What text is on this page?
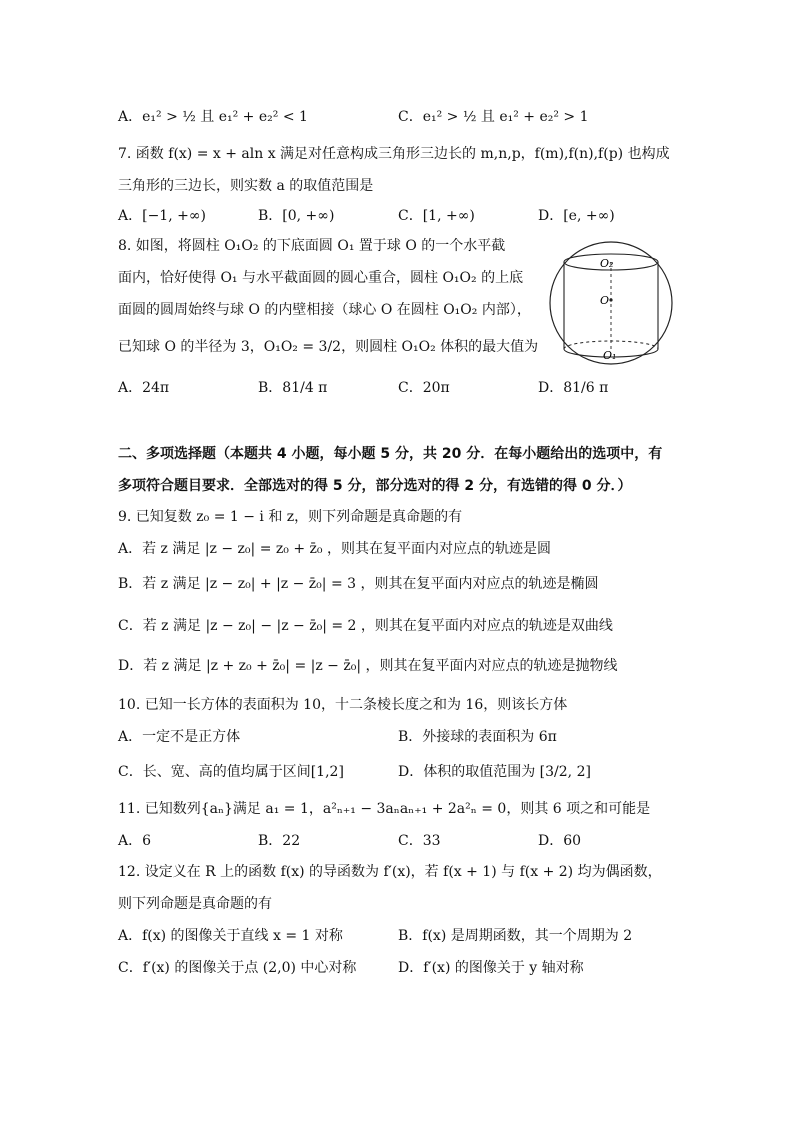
A．e₁² > ½ 且 e₁² + e₂² < 1	C．e₁² > ½ 且 e₁² + e₂² > 1
7. 函数 f(x) = x + aln x 满足对任意构成三角形三边长的 m,n,p，f(m),f(n),f(p) 也构成
三角形的三边长，则实数 a 的取值范围是
A．[−1, +∞)	B．[0, +∞)	C．[1, +∞)	D．[e, +∞)
8. 如图，将圆柱 O₁O₂ 的下底面圆 O₁ 置于球 O 的一个水平截
面内，恰好使得 O₁ 与水平截面圆的圆心重合，圆柱 O₁O₂ 的上底
面圆的圆周始终与球 O 的内壁相接（球心 O 在圆柱 O₁O₂ 内部），
已知球 O 的半径为 3，O₁O₂ = 3/2，则圆柱 O₁O₂ 体积的最大值为
A．24π	B．81/4 π	C．20π	D．81/6 π
O₂
O
O₁
二、多项选择题（本题共 4 小题，每小题 5 分，共 20 分．在每小题给出的选项中，有
多项符合题目要求．全部选对的得 5 分，部分选对的得 2 分，有选错的得 0 分．）
9. 已知复数 z₀ = 1 − i 和 z，则下列命题是真命题的有
A．若 z 满足 |z − z₀| = z₀ + z̄₀ ，则其在复平面内对应点的轨迹是圆
B．若 z 满足 |z − z₀| + |z − z̄₀| = 3 ，则其在复平面内对应点的轨迹是椭圆
C．若 z 满足 |z − z₀| − |z − z̄₀| = 2 ，则其在复平面内对应点的轨迹是双曲线
D．若 z 满足 |z + z₀ + z̄₀| = |z − z̄₀| ，则其在复平面内对应点的轨迹是抛物线
10. 已知一长方体的表面积为 10，十二条棱长度之和为 16，则该长方体
A．一定不是正方体	B．外接球的表面积为 6π
C．长、宽、高的值均属于区间[1,2]	D．体积的取值范围为 [3/2, 2]
11. 已知数列{aₙ}满足 a₁ = 1，a²ₙ₊₁ − 3aₙaₙ₊₁ + 2a²ₙ = 0，则其 6 项之和可能是
A．6	B．22	C．33	D．60
12. 设定义在 R 上的函数 f(x) 的导函数为 f′(x)，若 f(x + 1) 与 f(x + 2) 均为偶函数，
则下列命题是真命题的有
A．f(x) 的图像关于直线 x = 1 对称	B．f(x) 是周期函数，其一个周期为 2
C．f′(x) 的图像关于点 (2,0) 中心对称	D．f′(x) 的图像关于 y 轴对称
